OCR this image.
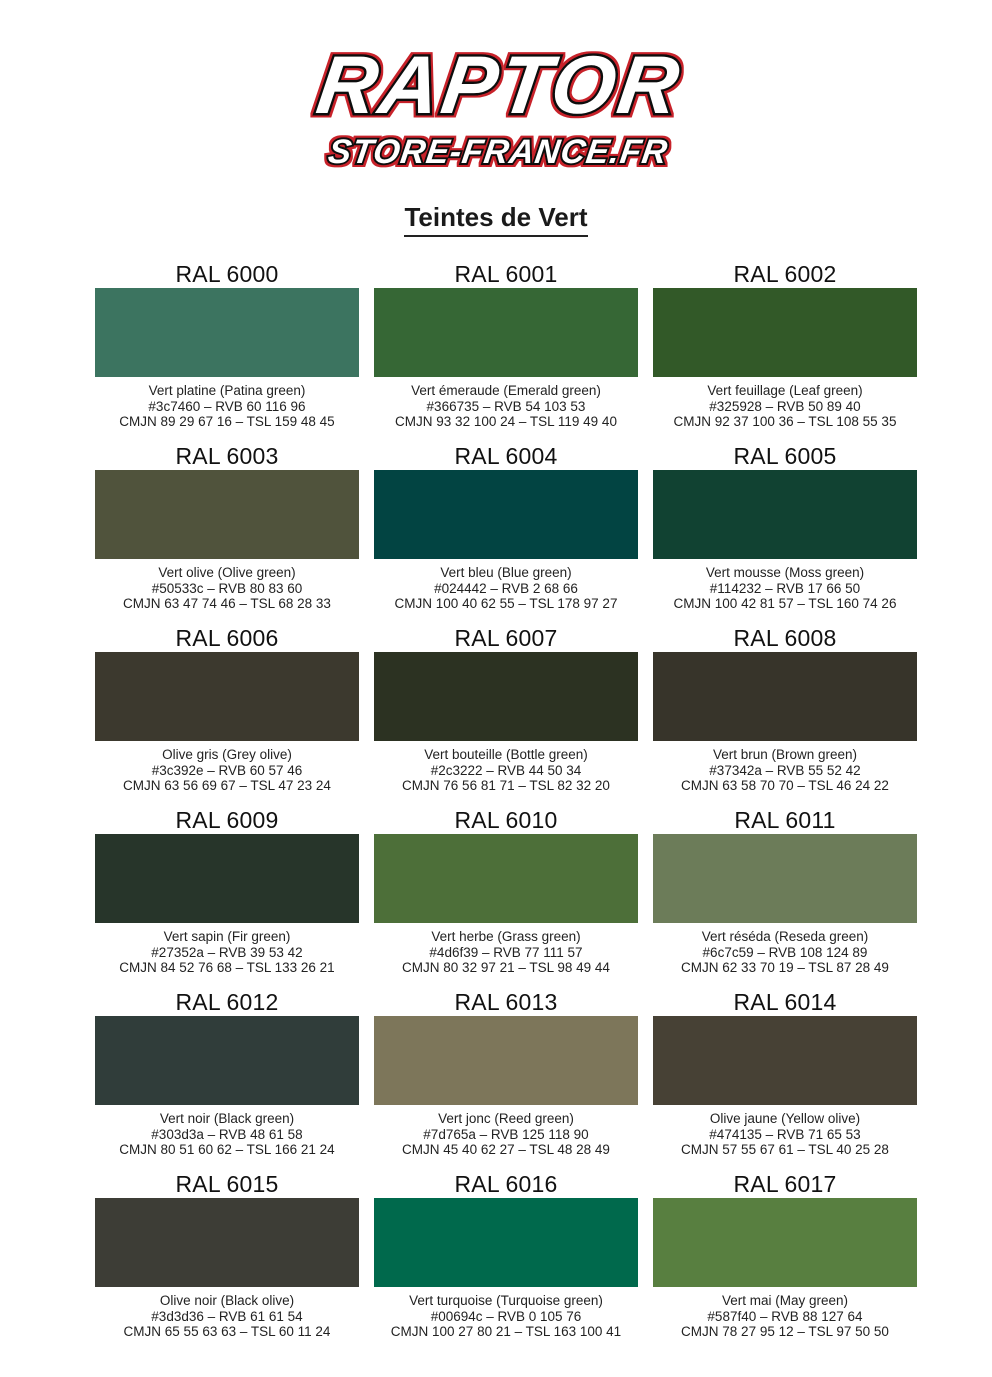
RAPTOR
STORE-FRANCE.FR
Teintes de Vert
RAL 6000
Vert platine (Patina green)
#3c7460 – RVB 60 116 96
CMJN 89 29 67 16 – TSL 159 48 45
RAL 6001
Vert émeraude (Emerald green)
#366735 – RVB 54 103 53
CMJN 93 32 100 24 – TSL 119 49 40
RAL 6002
Vert feuillage (Leaf green)
#325928 – RVB 50 89 40
CMJN 92 37 100 36 – TSL 108 55 35
RAL 6003
Vert olive (Olive green)
#50533c – RVB 80 83 60
CMJN 63 47 74 46 – TSL 68 28 33
RAL 6004
Vert bleu (Blue green)
#024442 – RVB 2 68 66
CMJN 100 40 62 55 – TSL 178 97 27
RAL 6005
Vert mousse (Moss green)
#114232 – RVB 17 66 50
CMJN 100 42 81 57 – TSL 160 74 26
RAL 6006
Olive gris (Grey olive)
#3c392e – RVB 60 57 46
CMJN 63 56 69 67 – TSL 47 23 24
RAL 6007
Vert bouteille (Bottle green)
#2c3222 – RVB 44 50 34
CMJN 76 56 81 71 – TSL 82 32 20
RAL 6008
Vert brun (Brown green)
#37342a – RVB 55 52 42
CMJN 63 58 70 70 – TSL 46 24 22
RAL 6009
Vert sapin (Fir green)
#27352a – RVB 39 53 42
CMJN 84 52 76 68 – TSL 133 26 21
RAL 6010
Vert herbe (Grass green)
#4d6f39 – RVB 77 111 57
CMJN 80 32 97 21 – TSL 98 49 44
RAL 6011
Vert réséda (Reseda green)
#6c7c59 – RVB 108 124 89
CMJN 62 33 70 19 – TSL 87 28 49
RAL 6012
Vert noir (Black green)
#303d3a – RVB 48 61 58
CMJN 80 51 60 62 – TSL 166 21 24
RAL 6013
Vert jonc (Reed green)
#7d765a – RVB 125 118 90
CMJN 45 40 62 27 – TSL 48 28 49
RAL 6014
Olive jaune (Yellow olive)
#474135 – RVB 71 65 53
CMJN 57 55 67 61 – TSL 40 25 28
RAL 6015
Olive noir (Black olive)
#3d3d36 – RVB 61 61 54
CMJN 65 55 63 63 – TSL 60 11 24
RAL 6016
Vert turquoise (Turquoise green)
#00694c – RVB 0 105 76
CMJN 100 27 80 21 – TSL 163 100 41
RAL 6017
Vert mai (May green)
#587f40 – RVB 88 127 64
CMJN 78 27 95 12 – TSL 97 50 50
